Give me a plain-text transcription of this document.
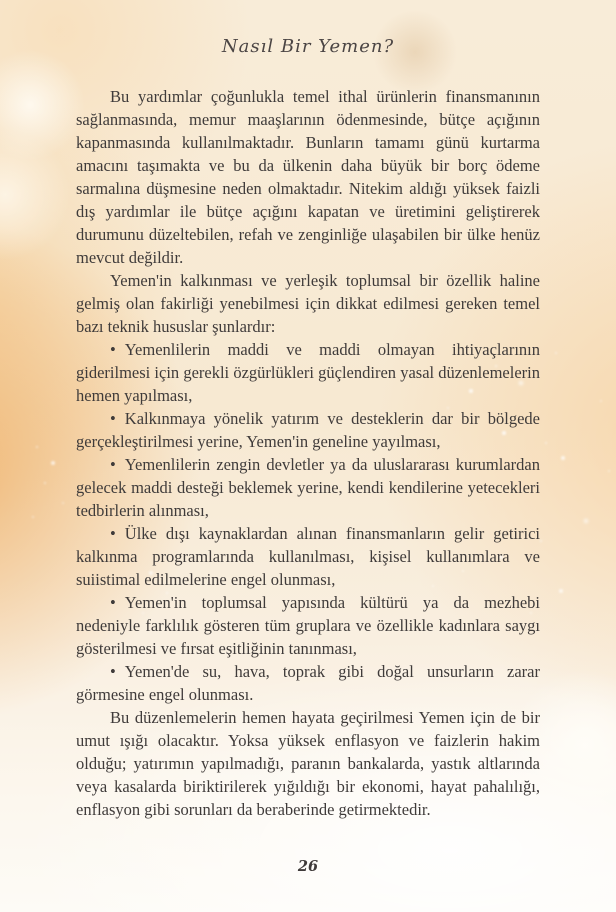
Nasıl Bir Yemen?

Bu yardımlar çoğunlukla temel ithal ürünlerin finansmanının sağlanmasında, memur maaşlarının ödenmesinde, bütçe açığının kapanmasında kullanılmaktadır. Bunların tamamı günü kurtarma amacını taşımakta ve bu da ülkenin daha büyük bir borç ödeme sarmalına düşmesine neden olmaktadır. Nitekim aldığı yüksek faizli dış yardımlar ile bütçe açığını kapatan ve üretimini geliştirerek durumunu düzeltebilen, refah ve zenginliğe ulaşabilen bir ülke henüz mevcut değildir.

Yemen'in kalkınması ve yerleşik toplumsal bir özellik haline gelmiş olan fakirliği yenebilmesi için dikkat edilmesi gereken temel bazı teknik hususlar şunlardır:

• Yemenlilerin maddi ve maddi olmayan ihtiyaçlarının giderilmesi için gerekli özgürlükleri güçlendiren yasal düzenlemelerin hemen yapılması,

• Kalkınmaya yönelik yatırım ve desteklerin dar bir bölgede gerçekleştirilmesi yerine, Yemen'in geneline yayılması,

• Yemenlilerin zengin devletler ya da uluslararası kurumlardan gelecek maddi desteği beklemek yerine, kendi kendilerine yetecekleri tedbirlerin alınması,

• Ülke dışı kaynaklardan alınan finansmanların gelir getirici kalkınma programlarında kullanılması, kişisel kullanımlara ve suiistimal edilmelerine engel olunması,

• Yemen'in toplumsal yapısında kültürü ya da mezhebi nedeniyle farklılık gösteren tüm gruplara ve özellikle kadınlara saygı gösterilmesi ve fırsat eşitliğinin tanınması,

• Yemen'de su, hava, toprak gibi doğal unsurların zarar görmesine engel olunması.

Bu düzenlemelerin hemen hayata geçirilmesi Yemen için de bir umut ışığı olacaktır. Yoksa yüksek enflasyon ve faizlerin hakim olduğu; yatırımın yapılmadığı, paranın bankalarda, yastık altlarında veya kasalarda biriktirilerek yığıldığı bir ekonomi, hayat pahalılığı, enflasyon gibi sorunları da beraberinde getirmektedir.

26
